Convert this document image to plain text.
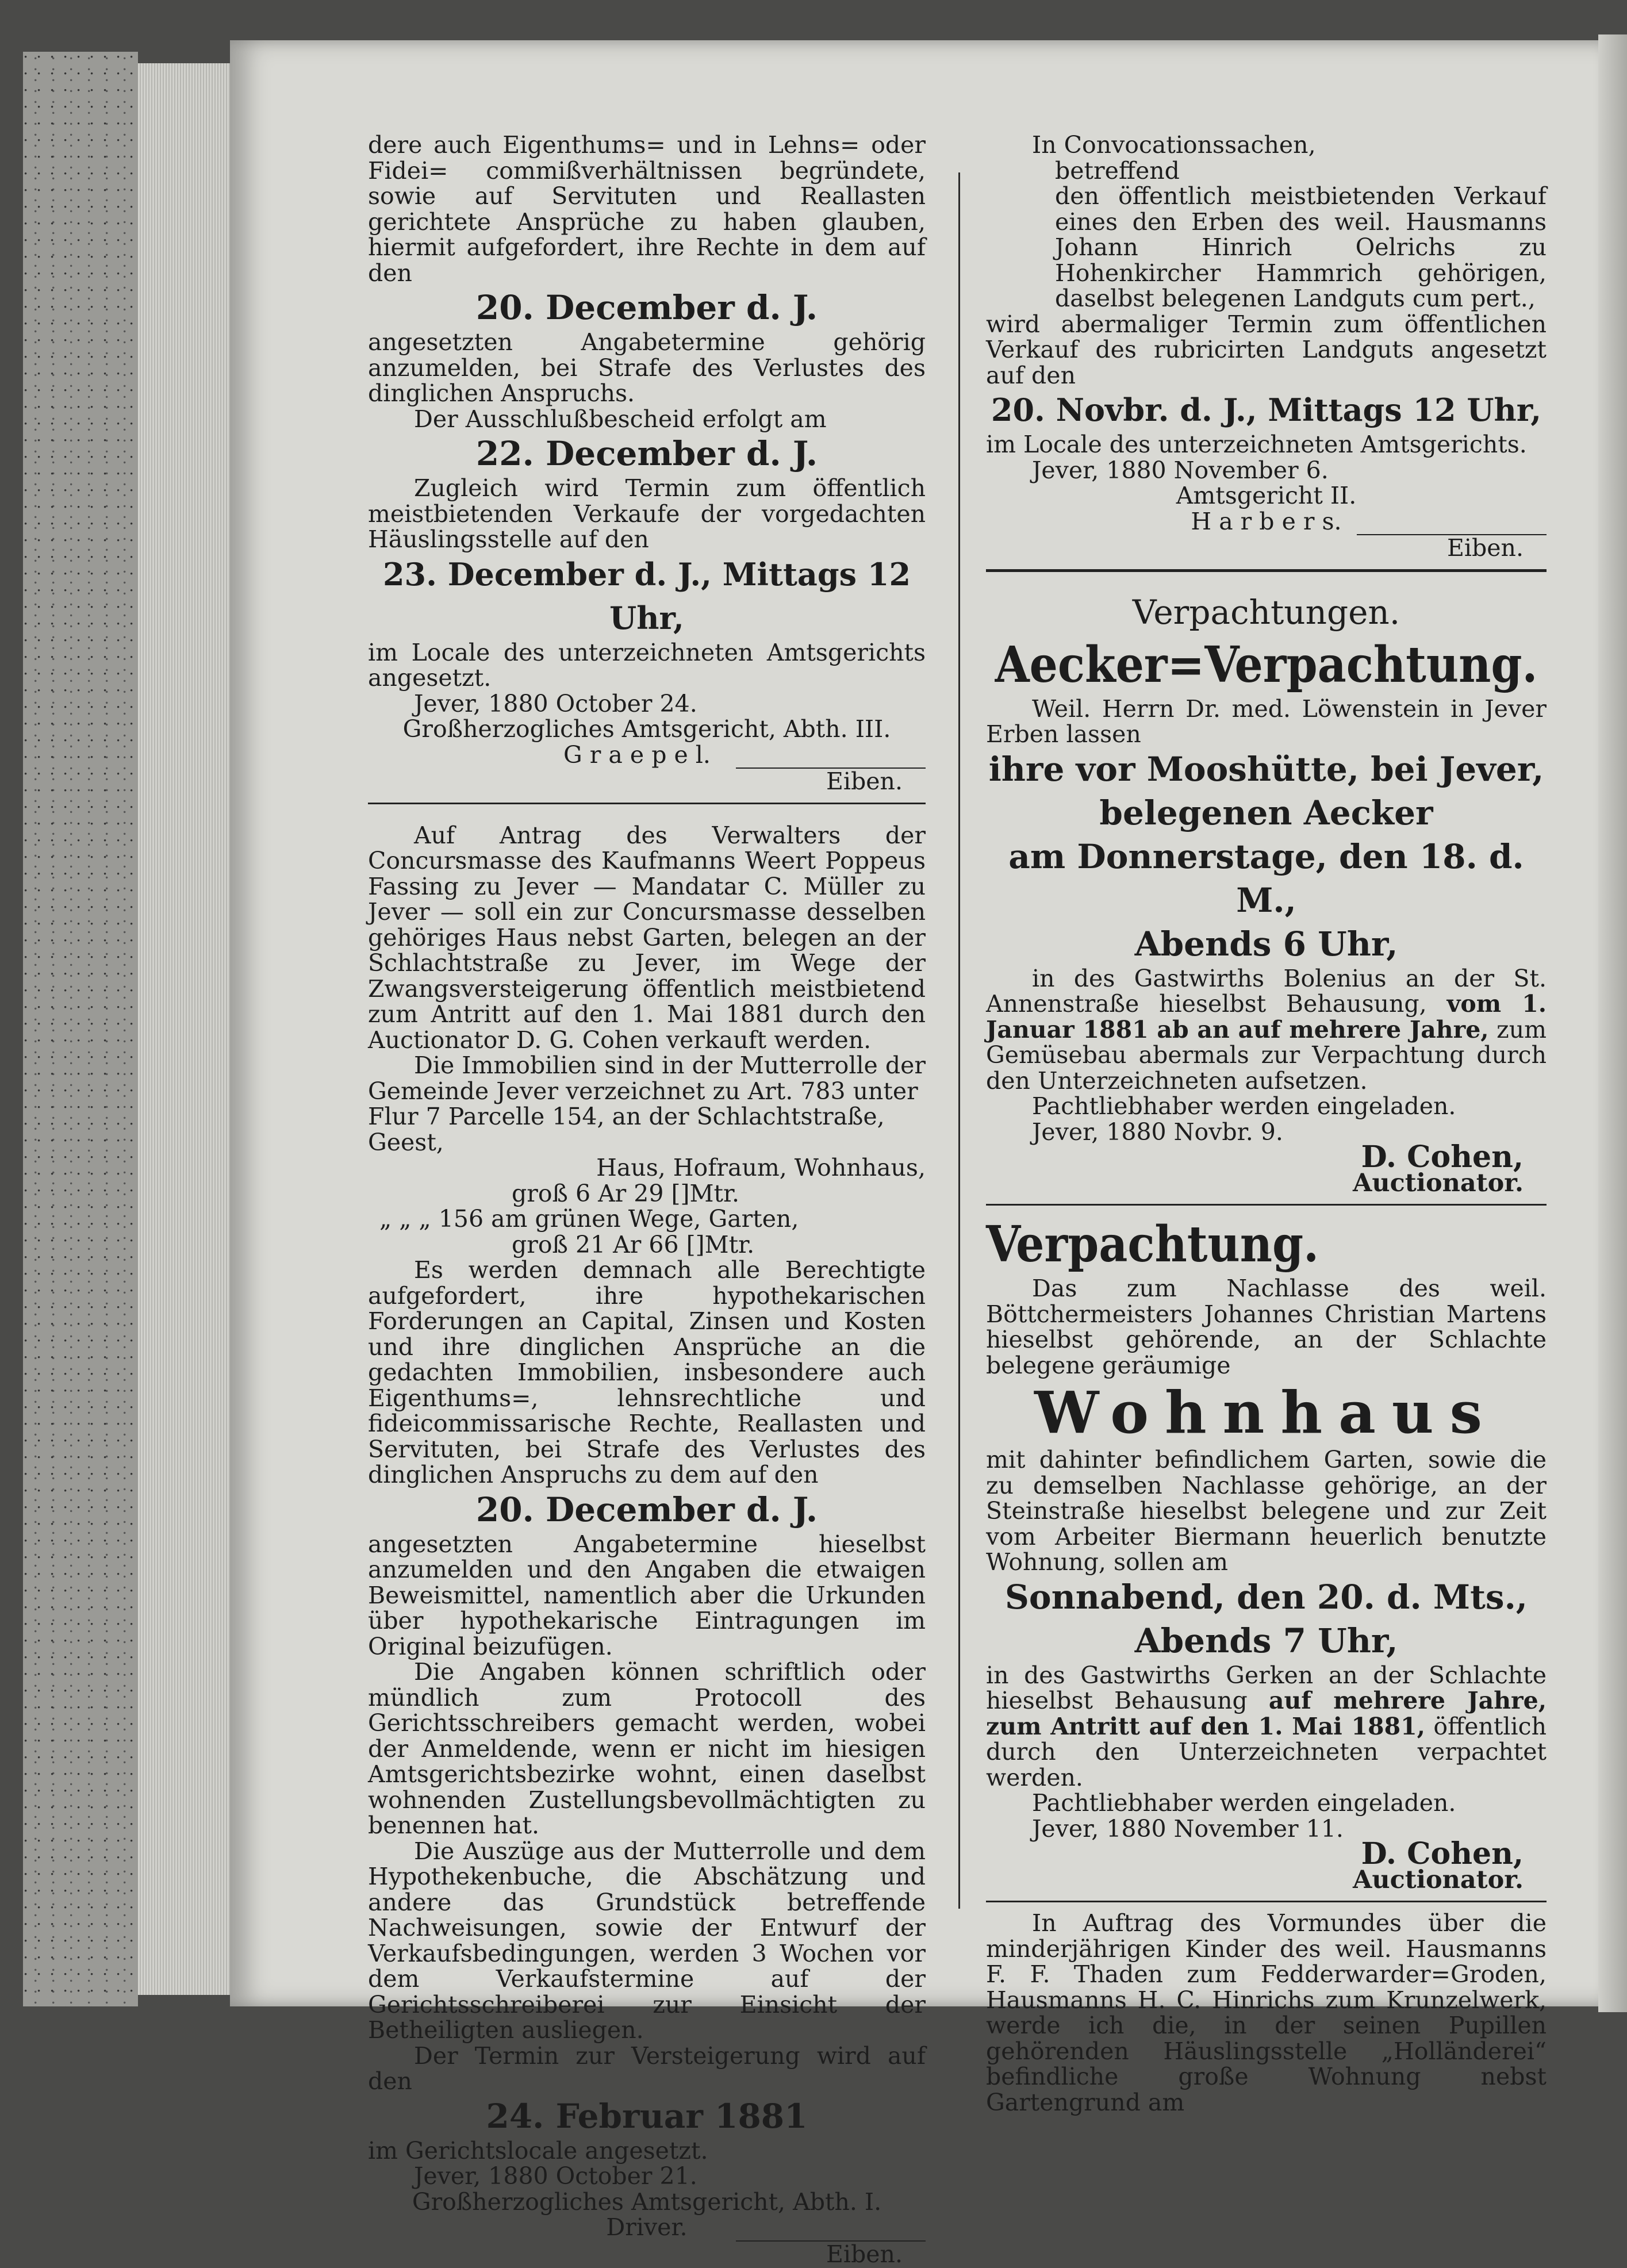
dere auch Eigenthums= und in Lehns= oder Fidei= commißverhältnissen begründete, sowie auf Servituten und Reallasten gerichtete Ansprüche zu haben glauben, hiermit aufgefordert, ihre Rechte in dem auf den

20. December d. J.

angesetzten Angabetermine gehörig anzumelden, bei Strafe des Verlustes des dinglichen Anspruchs.

Der Ausschlußbescheid erfolgt am

22. December d. J.

Zugleich wird Termin zum öffentlich meistbietenden Verkaufe der vorgedachten Häuslingsstelle auf den

23. December d. J., Mittags 12 Uhr,

im Locale des unterzeichneten Amtsgerichts angesetzt.

Jever, 1880 October 24.

Großherzogliches Amtsgericht, Abth. III.

G r a e p e l.

Eiben.

Auf Antrag des Verwalters der Concursmasse des Kaufmanns Weert Poppeus Fassing zu Jever — Mandatar C. Müller zu Jever — soll ein zur Concursmasse desselben gehöriges Haus nebst Garten, belegen an der Schlachtstraße zu Jever, im Wege der Zwangsversteigerung öffentlich meistbietend zum Antritt auf den 1. Mai 1881 durch den Auctionator D. G. Cohen verkauft werden.

Die Immobilien sind in der Mutterrolle der Gemeinde Jever verzeichnet zu Art. 783 unter

Flur 7 Parcelle 154, an der Schlachtstraße, Geest,

Haus, Hofraum, Wohnhaus,

groß 6 Ar 29 []Mtr.

„ „ „ 156 am grünen Wege, Garten,

groß 21 Ar 66 []Mtr.

Es werden demnach alle Berechtigte aufgefordert, ihre hypothekarischen Forderungen an Capital, Zinsen und Kosten und ihre dinglichen Ansprüche an die gedachten Immobilien, insbesondere auch Eigenthums=, lehnsrechtliche und fideicommissarische Rechte, Reallasten und Servituten, bei Strafe des Verlustes des dinglichen Anspruchs zu dem auf den

20. December d. J.

angesetzten Angabetermine hieselbst anzumelden und den Angaben die etwaigen Beweismittel, namentlich aber die Urkunden über hypothekarische Eintragungen im Original beizufügen.

Die Angaben können schriftlich oder mündlich zum Protocoll des Gerichtsschreibers gemacht werden, wobei der Anmeldende, wenn er nicht im hiesigen Amtsgerichtsbezirke wohnt, einen daselbst wohnenden Zustellungsbevollmächtigten zu benennen hat.

Die Auszüge aus der Mutterrolle und dem Hypothekenbuche, die Abschätzung und andere das Grundstück betreffende Nachweisungen, sowie der Entwurf der Verkaufsbedingungen, werden 3 Wochen vor dem Verkaufstermine auf der Gerichtsschreiberei zur Einsicht der Betheiligten ausliegen.

Der Termin zur Versteigerung wird auf den

24. Februar 1881

im Gerichtslocale angesetzt.

Jever, 1880 October 21.

Großherzogliches Amtsgericht, Abth. I.

Driver.

Eiben.

In Convocationssachen,

betreffend

den öffentlich meistbietenden Verkauf eines den Erben des weil. Hausmanns Johann Hinrich Oelrichs zu Hohenkircher Hammrich gehörigen, daselbst belegenen Landguts cum pert.,

wird abermaliger Termin zum öffentlichen Verkauf des rubricirten Landguts angesetzt auf den

20. Novbr. d. J., Mittags 12 Uhr,

im Locale des unterzeichneten Amtsgerichts.

Jever, 1880 November 6.

Amtsgericht II.

H a r b e r s.

Eiben.

Verpachtungen.
Aecker=Verpachtung.

Weil. Herrn Dr. med. Löwenstein in Jever Erben lassen

ihre vor Mooshütte, bei Jever,
belegenen Aecker
am Donnerstage, den 18. d. M.,
Abends 6 Uhr,

in des Gastwirths Bolenius an der St. Annenstraße hieselbst Behausung, vom 1. Januar 1881 ab an auf mehrere Jahre, zum Gemüsebau abermals zur Verpachtung durch den Unterzeichneten aufsetzen.

Pachtliebhaber werden eingeladen.

Jever, 1880 Novbr. 9.

D. Cohen,

Auctionator.

Verpachtung.

Das zum Nachlasse des weil. Böttchermeisters Johannes Christian Martens hieselbst gehörende, an der Schlachte belegene geräumige

Wohnhaus

mit dahinter befindlichem Garten, sowie die zu demselben Nachlasse gehörige, an der Steinstraße hieselbst belegene und zur Zeit vom Arbeiter Biermann heuerlich benutzte Wohnung, sollen am

Sonnabend, den 20. d. Mts.,
Abends 7 Uhr,

in des Gastwirths Gerken an der Schlachte hieselbst Behausung auf mehrere Jahre, zum Antritt auf den 1. Mai 1881, öffentlich durch den Unterzeichneten verpachtet werden.

Pachtliebhaber werden eingeladen.

Jever, 1880 November 11.

D. Cohen,

Auctionator.

In Auftrag des Vormundes über die minderjährigen Kinder des weil. Hausmanns F. F. Thaden zum Fedderwarder=Groden, Hausmanns H. C. Hinrichs zum Krunzelwerk, werde ich die, in der seinen Pupillen gehörenden Häuslingsstelle „Holländerei“ befindliche große Wohnung nebst Gartengrund am
